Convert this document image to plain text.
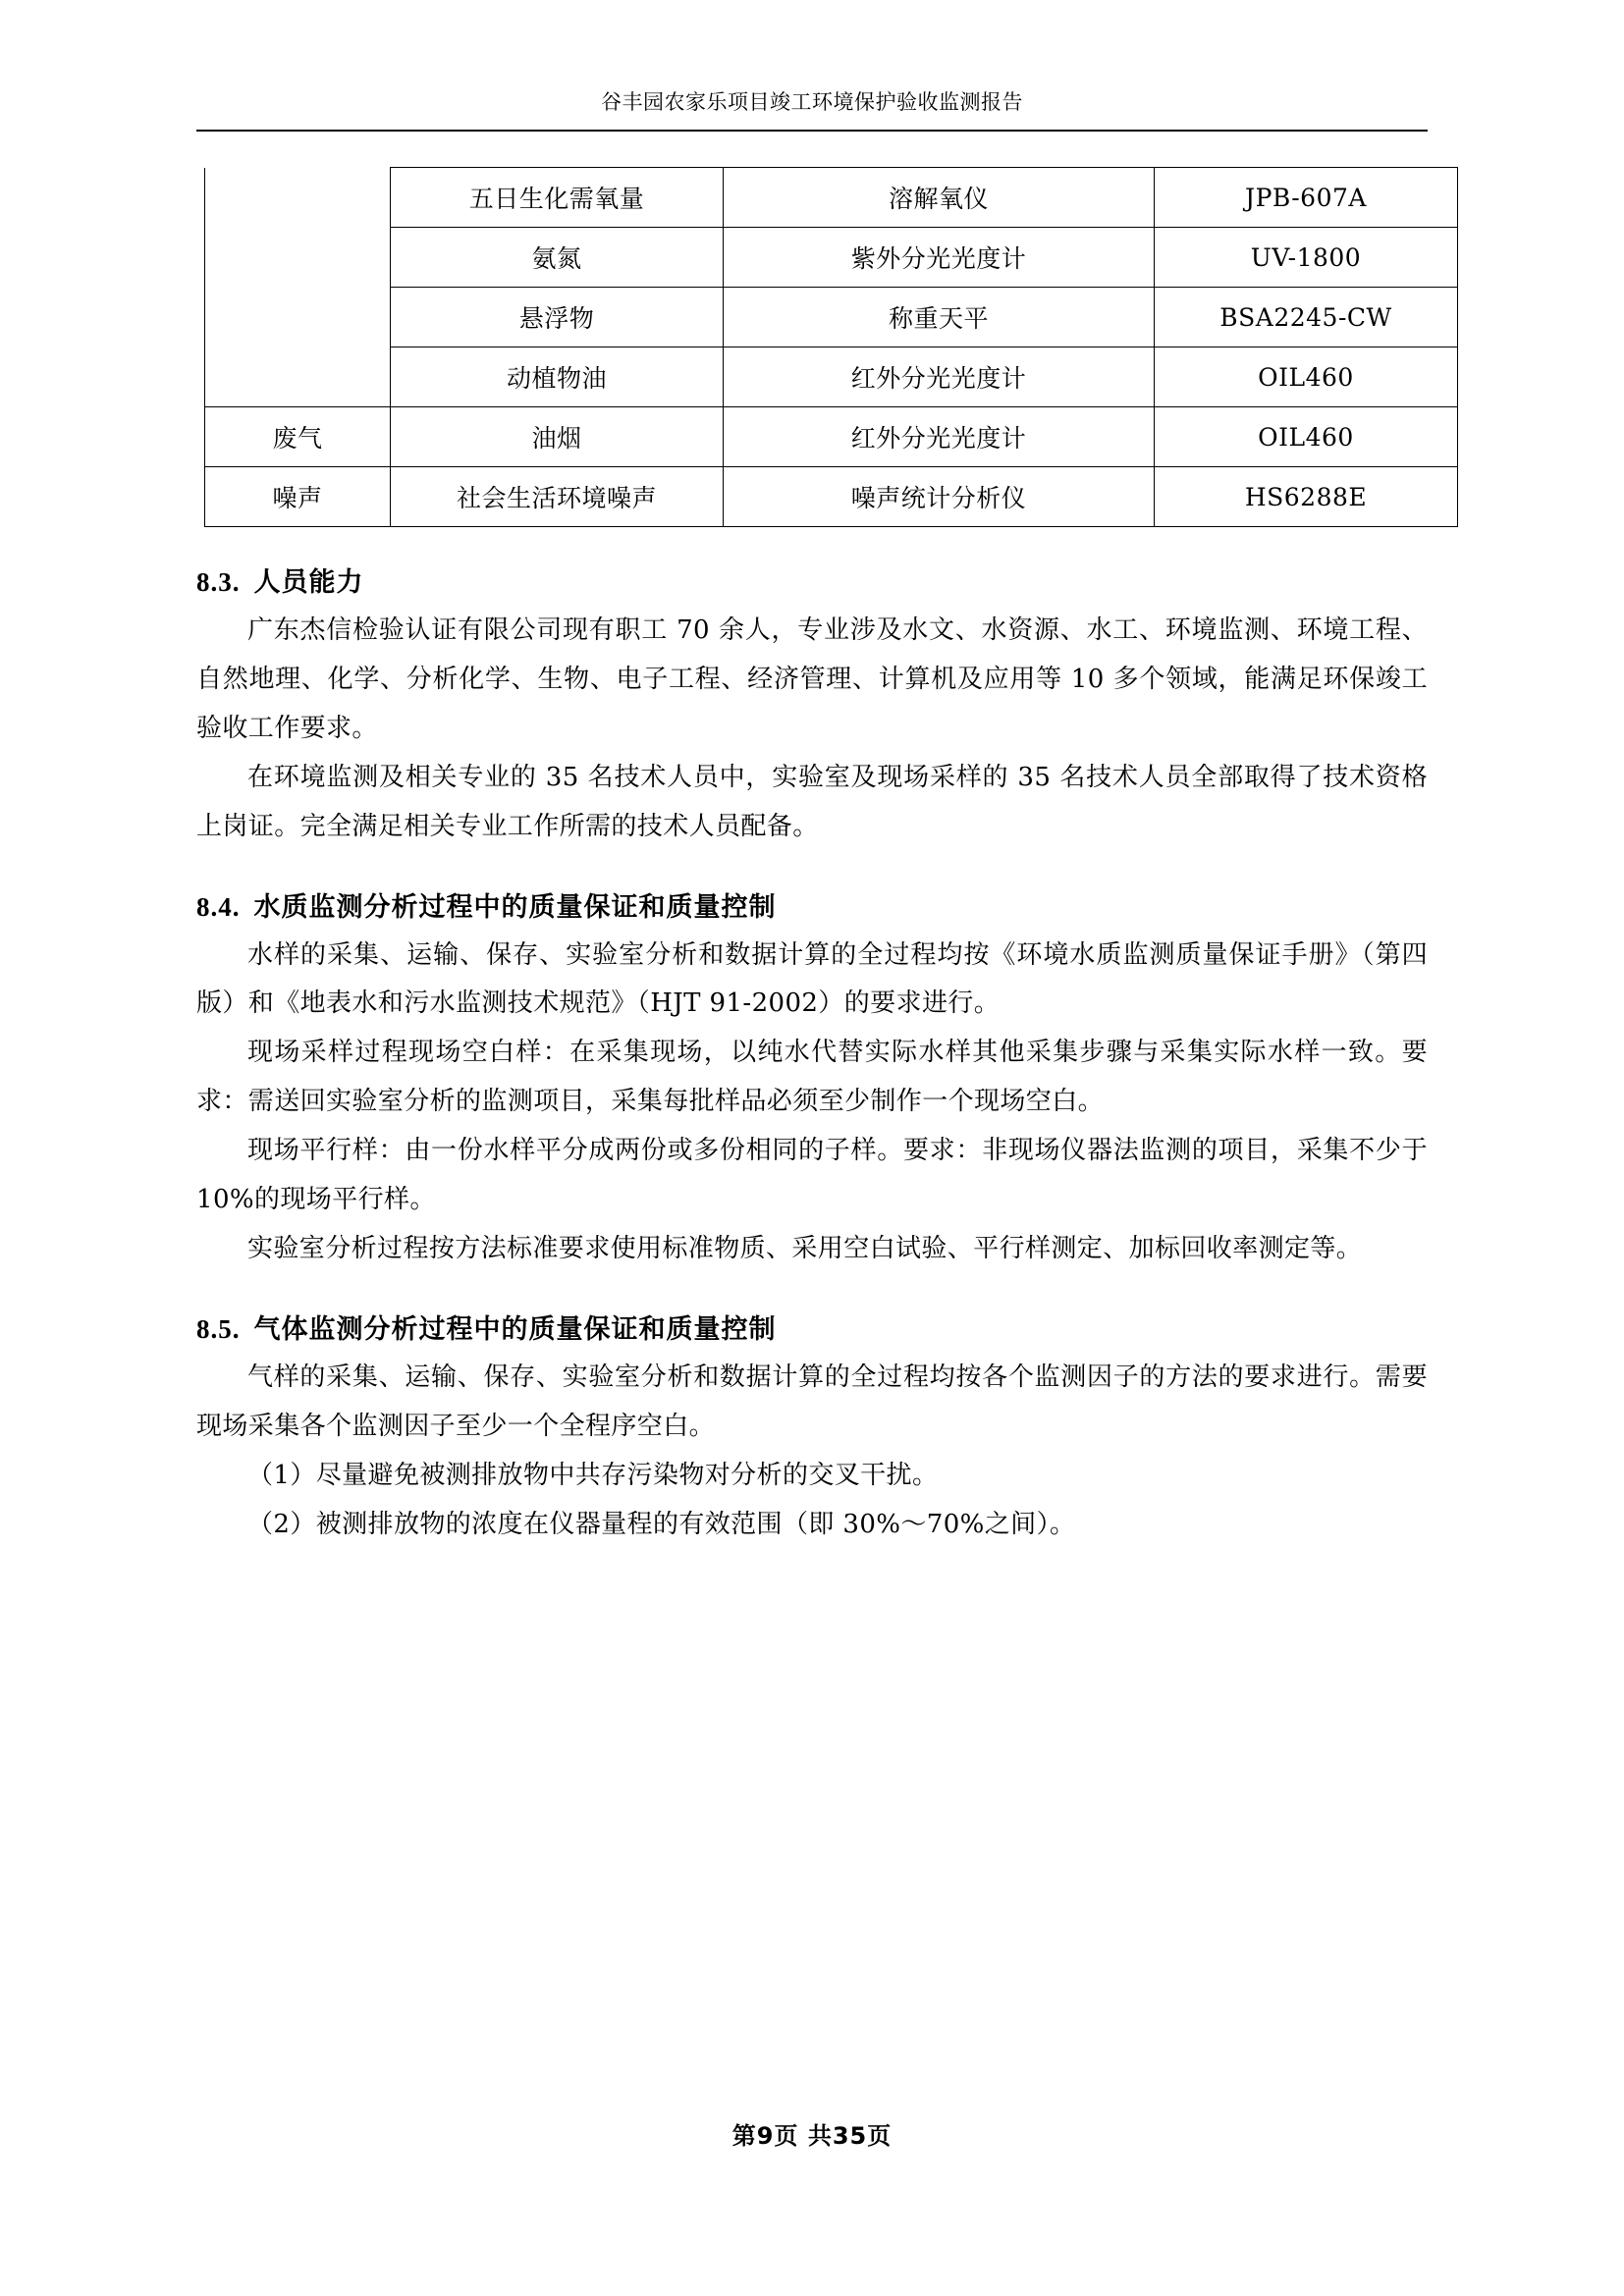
谷丰园农家乐项目竣工环境保护验收监测报告
	五日生化需氧量	溶解氧仪	JPB-607A
	氨氮	紫外分光光度计	UV-1800
	悬浮物	称重天平	BSA2245-CW
	动植物油	红外分光光度计	OIL460
废气	油烟	红外分光光度计	OIL460
噪声	社会生活环境噪声	噪声统计分析仪	HS6288E
8.3. 人员能力

广东杰信检验认证有限公司现有职工 70 余人，专业涉及水文、水资源、水工、环境监测、环境工程、自然地理、化学、分析化学、生物、电子工程、经济管理、计算机及应用等 10 多个领域，能满足环保竣工验收工作要求。

在环境监测及相关专业的 35 名技术人员中，实验室及现场采样的 35 名技术人员全部取得了技术资格上岗证。完全满足相关专业工作所需的技术人员配备。

8.4. 水质监测分析过程中的质量保证和质量控制

水样的采集、运输、保存、实验室分析和数据计算的全过程均按《环境水质监测质量保证手册》（第四版）和《地表水和污水监测技术规范》（HJT 91-2002）的要求进行。

现场采样过程现场空白样：在采集现场，以纯水代替实际水样其他采集步骤与采集实际水样一致。要求：需送回实验室分析的监测项目，采集每批样品必须至少制作一个现场空白。

现场平行样：由一份水样平分成两份或多份相同的子样。要求：非现场仪器法监测的项目，采集不少于 10%的现场平行样。

实验室分析过程按方法标准要求使用标准物质、采用空白试验、平行样测定、加标回收率测定等。

8.5. 气体监测分析过程中的质量保证和质量控制

气样的采集、运输、保存、实验室分析和数据计算的全过程均按各个监测因子的方法的要求进行。需要现场采集各个监测因子至少一个全程序空白。

（1）尽量避免被测排放物中共存污染物对分析的交叉干扰。

（2）被测排放物的浓度在仪器量程的有效范围（即 30%～70%之间）。

第9页 共35页
